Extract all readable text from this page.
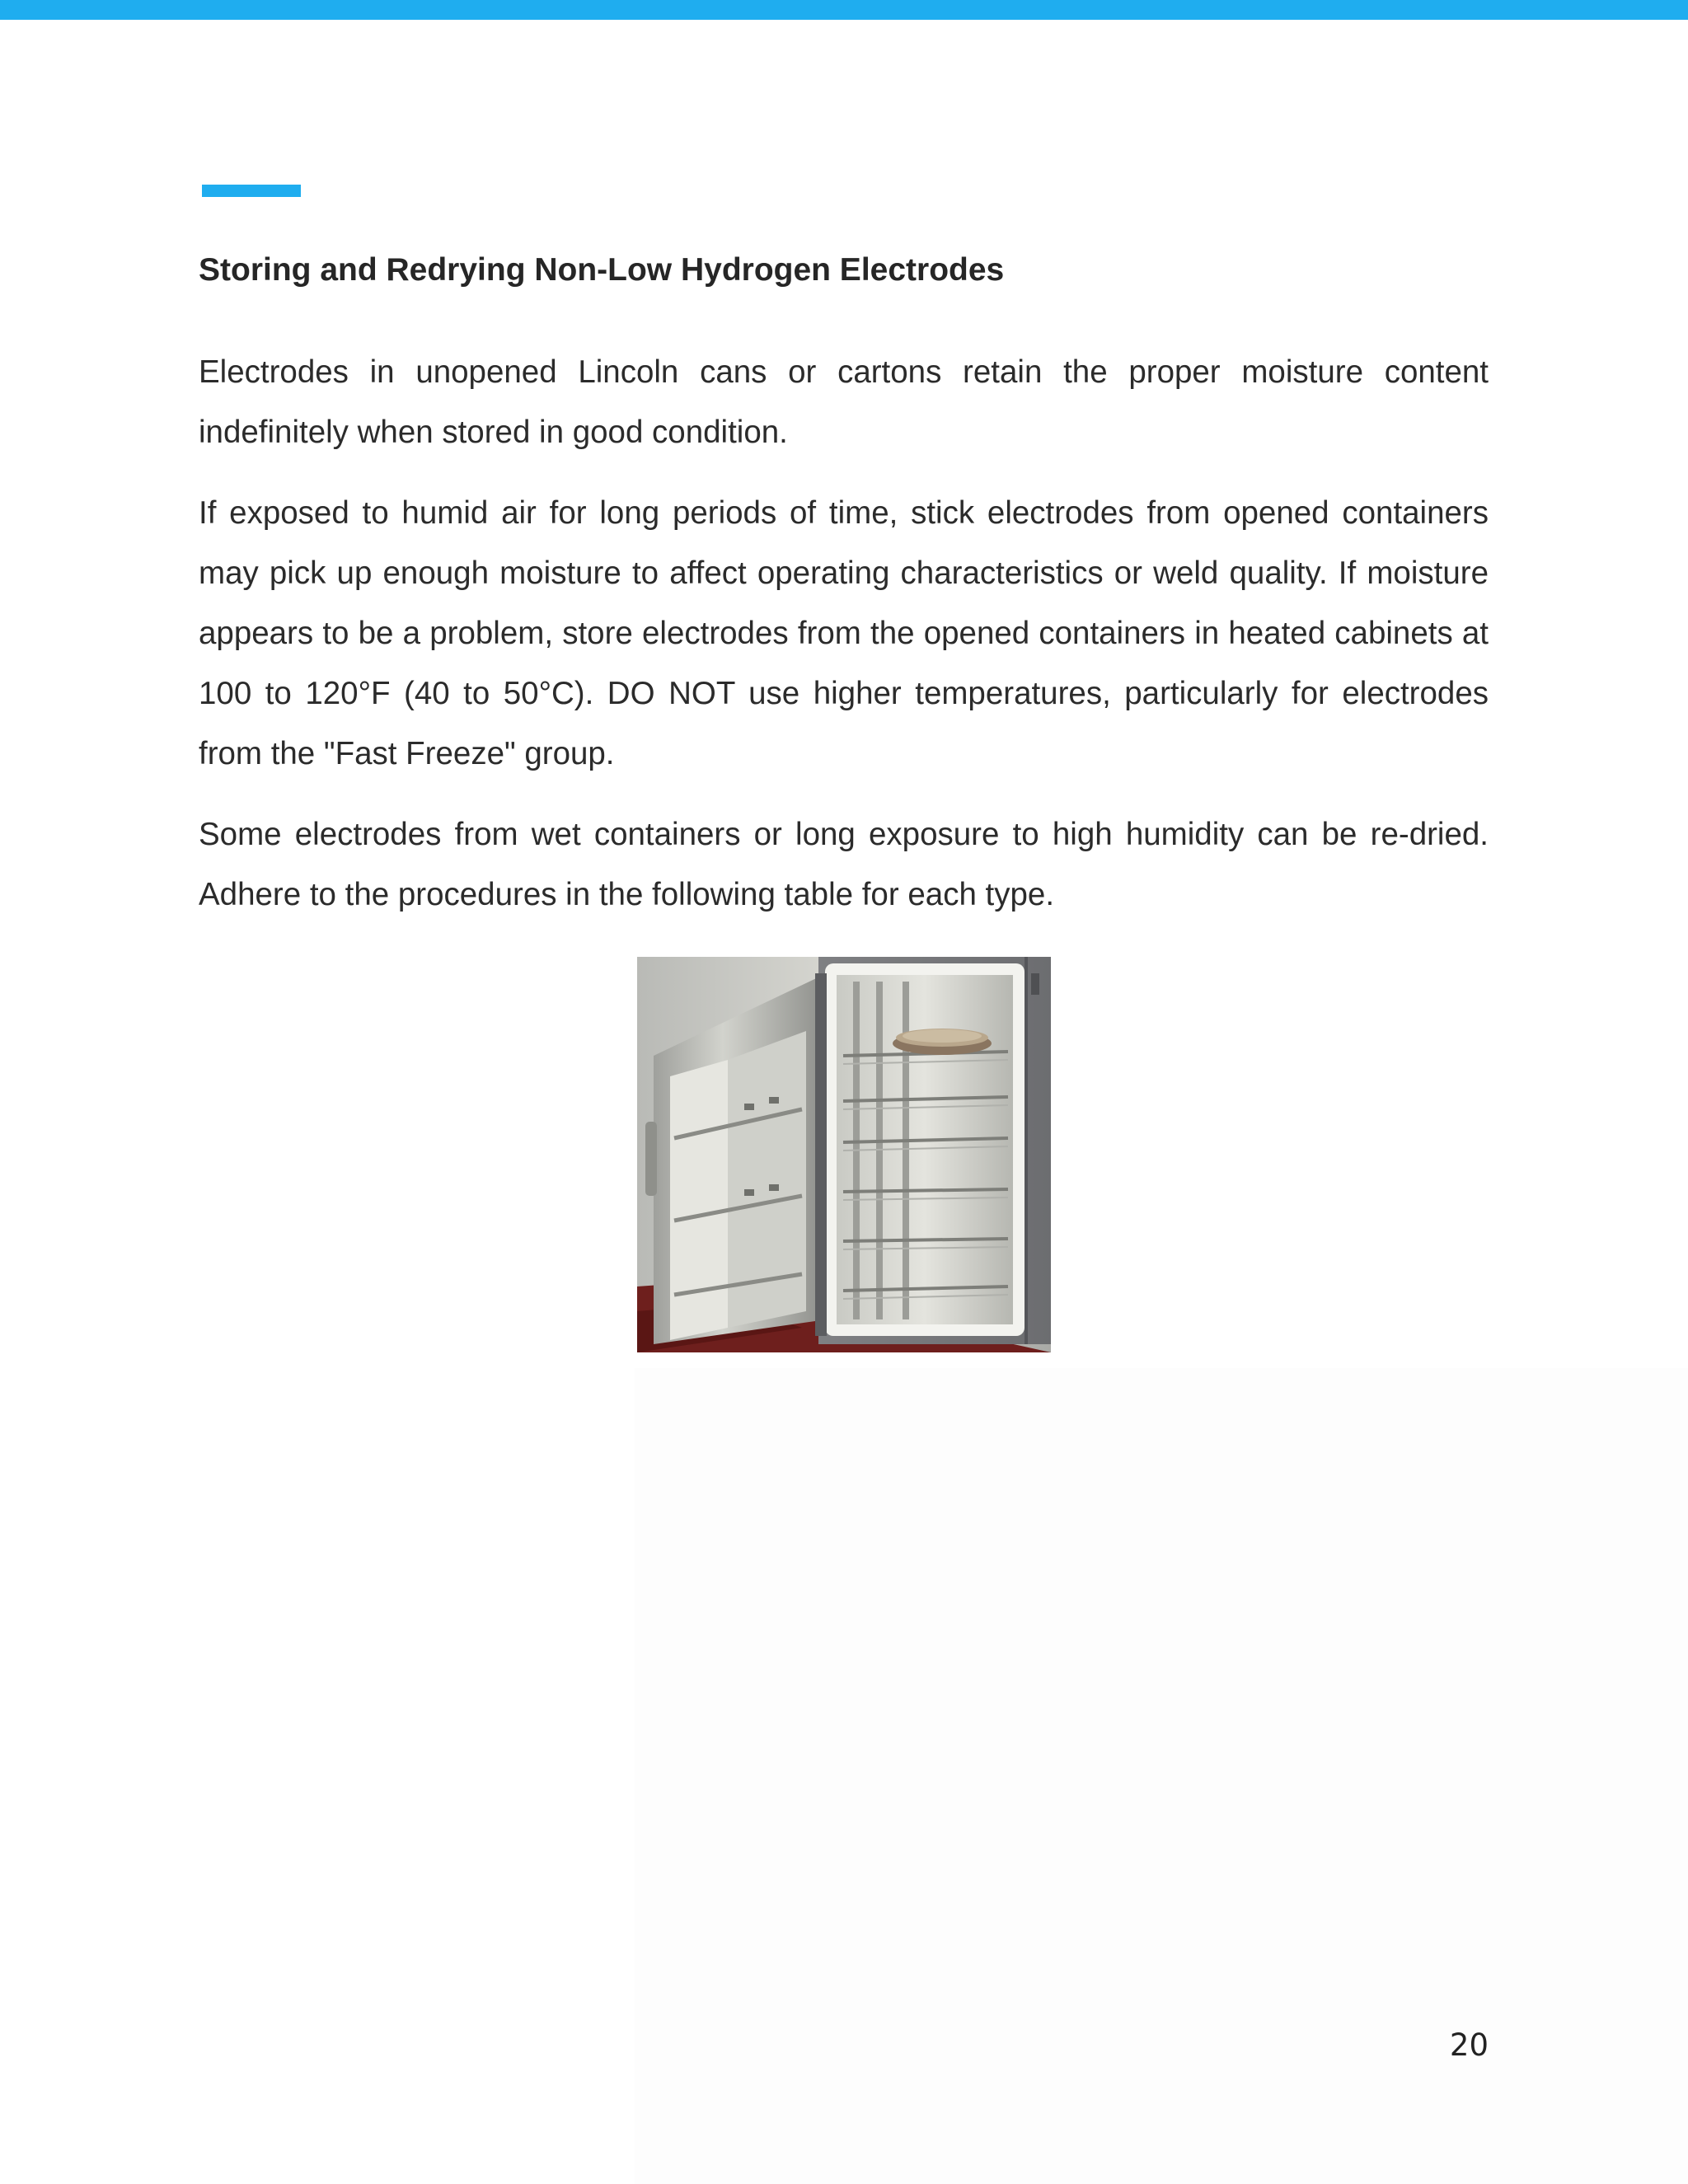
Storing and Redrying Non-Low Hydrogen Electrodes

Electrodes in unopened Lincoln cans or cartons retain the proper moisture content indefinitely when stored in good condition.

If exposed to humid air for long periods of time, stick electrodes from opened containers may pick up enough moisture to affect operating characteristics or weld quality. If moisture appears to be a problem, store electrodes from the opened containers in heated cabinets at 100 to 120°F (40 to 50°C). DO NOT use higher temperatures, particularly for electrodes from the "Fast Freeze" group.

Some electrodes from wet containers or long exposure to high humidity can be re-dried. Adhere to the procedures in the following table for each type.

20
